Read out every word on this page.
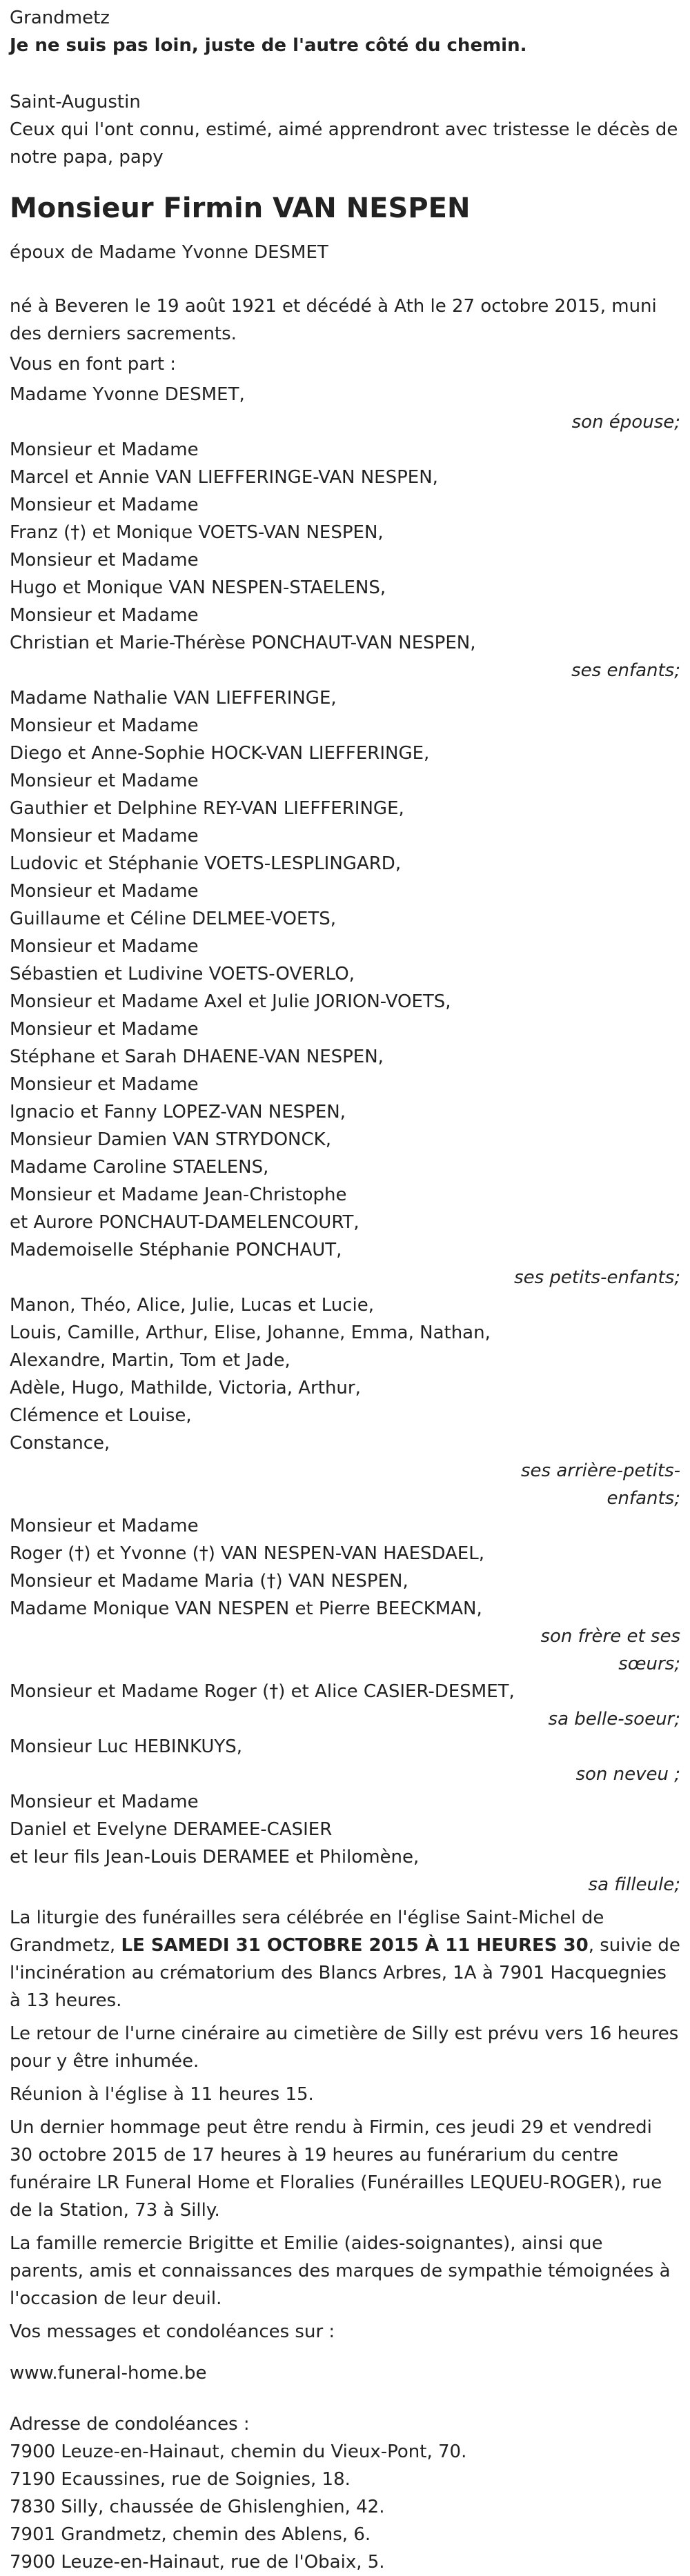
Grandmetz

Je ne suis pas loin, juste de l'autre côté du chemin.

Saint-Augustin

Ceux qui l'ont connu, estimé, aimé apprendront avec tristesse le décès de notre papa, papy

Monsieur Firmin VAN NESPEN

époux de Madame Yvonne DESMET

né à Beveren le 19 août 1921 et décédé à Ath le 27 octobre 2015, muni des derniers sacrements.

Vous en font part :

Madame Yvonne DESMET,

son épouse;

Monsieur et Madame

Marcel et Annie VAN LIEFFERINGE-VAN NESPEN,

Monsieur et Madame

Franz (†) et Monique VOETS-VAN NESPEN,

Monsieur et Madame

Hugo et Monique VAN NESPEN-STAELENS,

Monsieur et Madame

Christian et Marie-Thérèse PONCHAUT-VAN NESPEN,

ses enfants;

Madame Nathalie VAN LIEFFERINGE,

Monsieur et Madame

Diego et Anne-Sophie HOCK-VAN LIEFFERINGE,

Monsieur et Madame

Gauthier et Delphine REY-VAN LIEFFERINGE,

Monsieur et Madame

Ludovic et Stéphanie VOETS-LESPLINGARD,

Monsieur et Madame

Guillaume et Céline DELMEE-VOETS,

Monsieur et Madame

Sébastien et Ludivine VOETS-OVERLO,

Monsieur et Madame Axel et Julie JORION-VOETS,

Monsieur et Madame

Stéphane et Sarah DHAENE-VAN NESPEN,

Monsieur et Madame

Ignacio et Fanny LOPEZ-VAN NESPEN,

Monsieur Damien VAN STRYDONCK,

Madame Caroline STAELENS,

Monsieur et Madame Jean-Christophe

et Aurore PONCHAUT-DAMELENCOURT,

Mademoiselle Stéphanie PONCHAUT,

ses petits-enfants;

Manon, Théo, Alice, Julie, Lucas et Lucie,

Louis, Camille, Arthur, Elise, Johanne, Emma, Nathan,

Alexandre, Martin, Tom et Jade,

Adèle, Hugo, Mathilde, Victoria, Arthur,

Clémence et Louise,

Constance,

ses arrière-petits-

enfants;

Monsieur et Madame

Roger (†) et Yvonne (†) VAN NESPEN-VAN HAESDAEL,

Monsieur et Madame Maria (†) VAN NESPEN,

Madame Monique VAN NESPEN et Pierre BEECKMAN,

son frère et ses

sœurs;

Monsieur et Madame Roger (†) et Alice CASIER-DESMET,

sa belle-soeur;

Monsieur Luc HEBINKUYS,

son neveu ;

Monsieur et Madame

Daniel et Evelyne DERAMEE-CASIER

et leur fils Jean-Louis DERAMEE et Philomène,

sa filleule;

La liturgie des funérailles sera célébrée en l'église Saint-Michel de Grandmetz, LE SAMEDI 31 OCTOBRE 2015 À 11 HEURES 30, suivie de l'incinération au crématorium des Blancs Arbres, 1A à 7901 Hacquegnies à 13 heures.

Le retour de l'urne cinéraire au cimetière de Silly est prévu vers 16 heures pour y être inhumée.

Réunion à l'église à 11 heures 15.

Un dernier hommage peut être rendu à Firmin, ces jeudi 29 et vendredi 30 octobre 2015 de 17 heures à 19 heures au funérarium du centre funéraire LR Funeral Home et Floralies (Funérailles LEQUEU-ROGER), rue de la Station, 73 à Silly.

La famille remercie Brigitte et Emilie (aides-soignantes), ainsi que parents, amis et connaissances des marques de sympathie témoignées à l'occasion de leur deuil.

Vos messages et condoléances sur :

www.funeral-home.be

Adresse de condoléances :

7900 Leuze-en-Hainaut, chemin du Vieux-Pont, 70.

7190 Ecaussines, rue de Soignies, 18.

7830 Silly, chaussée de Ghislenghien, 42.

7901 Grandmetz, chemin des Ablens, 6.

7900 Leuze-en-Hainaut, rue de l'Obaix, 5.
